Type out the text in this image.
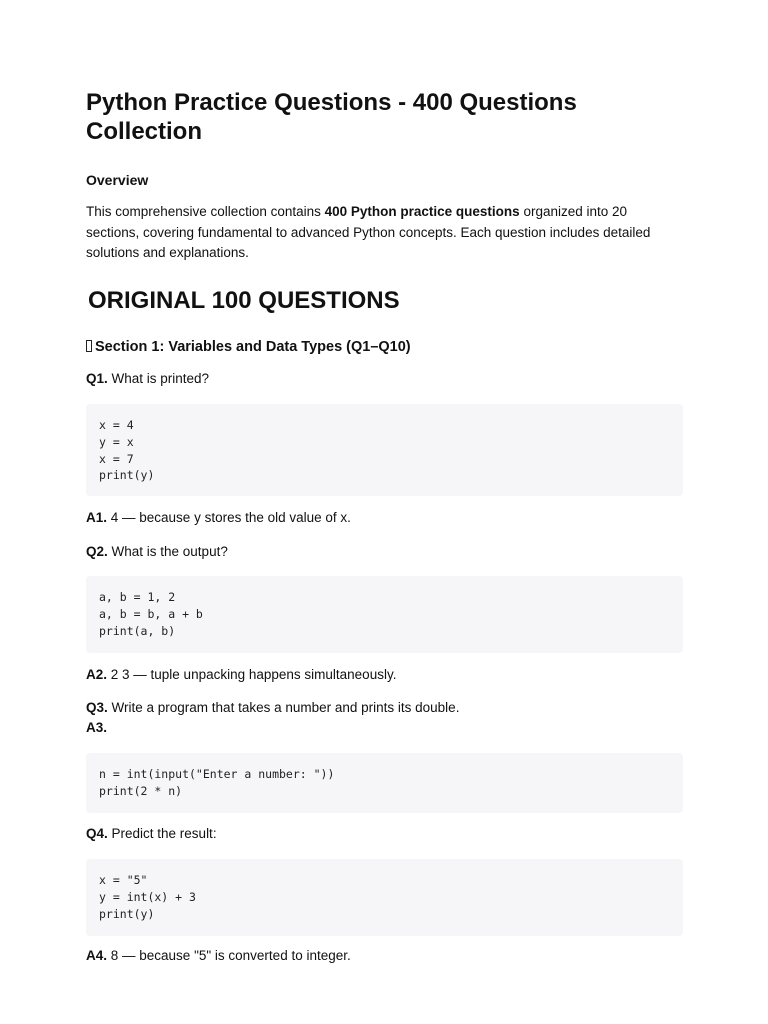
Python Practice Questions - 400 Questions Collection
Overview

This comprehensive collection contains 400 Python practice questions organized into 20 sections, covering fundamental to advanced Python concepts. Each question includes detailed solutions and explanations.

ORIGINAL 100 QUESTIONS
Section 1: Variables and Data Types (Q1–Q10)

Q1. What is printed?

x = 4
y = x
x = 7
print(y)

A1. 4 — because y stores the old value of x.

Q2. What is the output?

a, b = 1, 2
a, b = b, a + b
print(a, b)

A2. 2 3 — tuple unpacking happens simultaneously.

Q3. Write a program that takes a number and prints its double.

A3.

n = int(input("Enter a number: "))
print(2 * n)

Q4. Predict the result:

x = "5"
y = int(x) + 3
print(y)

A4. 8 — because "5" is converted to integer.
